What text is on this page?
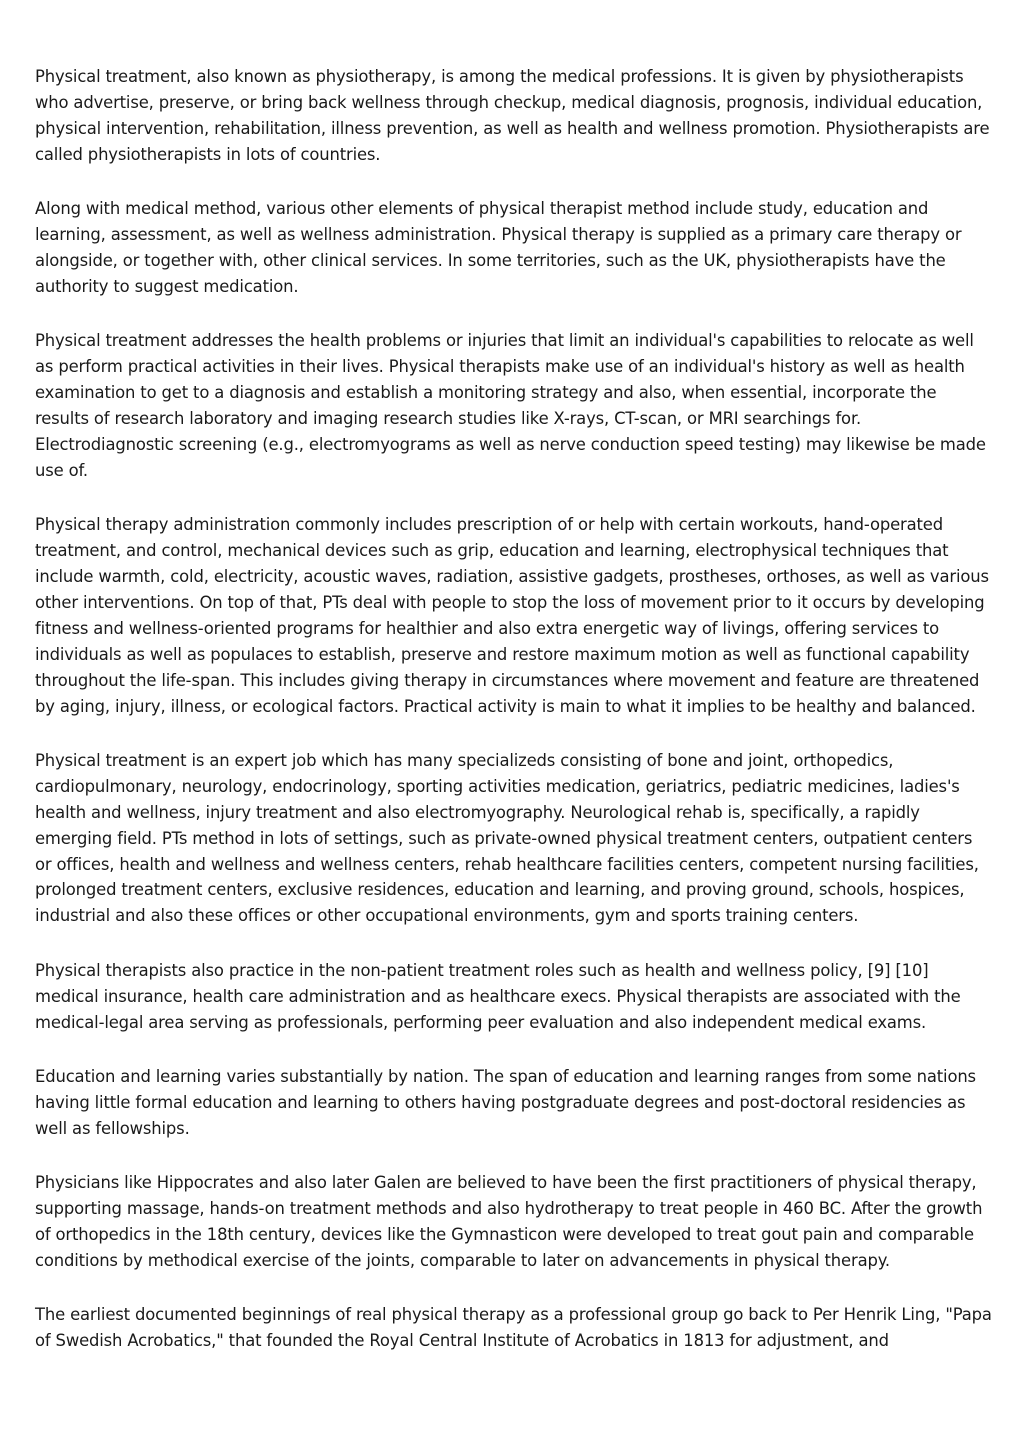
Physical treatment, also known as physiotherapy, is among the medical professions. It is given by physiotherapists who advertise, preserve, or bring back wellness through checkup, medical diagnosis, prognosis, individual education, physical intervention, rehabilitation, illness prevention, as well as health and wellness promotion. Physiotherapists are called physiotherapists in lots of countries.

Along with medical method, various other elements of physical therapist method include study, education and learning, assessment, as well as wellness administration. Physical therapy is supplied as a primary care therapy or alongside, or together with, other clinical services. In some territories, such as the UK, physiotherapists have the authority to suggest medication.

Physical treatment addresses the health problems or injuries that limit an individual's capabilities to relocate as well as perform practical activities in their lives. Physical therapists make use of an individual's history as well as health examination to get to a diagnosis and establish a monitoring strategy and also, when essential, incorporate the results of research laboratory and imaging research studies like X-rays, CT-scan, or MRI searchings for. Electrodiagnostic screening (e.g., electromyograms as well as nerve conduction speed testing) may likewise be made use of.

Physical therapy administration commonly includes prescription of or help with certain workouts, hand-operated treatment, and control, mechanical devices such as grip, education and learning, electrophysical techniques that include warmth, cold, electricity, acoustic waves, radiation, assistive gadgets, prostheses, orthoses, as well as various other interventions. On top of that, PTs deal with people to stop the loss of movement prior to it occurs by developing fitness and wellness-oriented programs for healthier and also extra energetic way of livings, offering services to individuals as well as populaces to establish, preserve and restore maximum motion as well as functional capability throughout the life-span. This includes giving therapy in circumstances where movement and feature are threatened by aging, injury, illness, or ecological factors. Practical activity is main to what it implies to be healthy and balanced.

Physical treatment is an expert job which has many specializeds consisting of bone and joint, orthopedics, cardiopulmonary, neurology, endocrinology, sporting activities medication, geriatrics, pediatric medicines, ladies's health and wellness, injury treatment and also electromyography. Neurological rehab is, specifically, a rapidly emerging field. PTs method in lots of settings, such as private-owned physical treatment centers, outpatient centers or offices, health and wellness and wellness centers, rehab healthcare facilities centers, competent nursing facilities, prolonged treatment centers, exclusive residences, education and learning, and proving ground, schools, hospices, industrial and also these offices or other occupational environments, gym and sports training centers.

Physical therapists also practice in the non-patient treatment roles such as health and wellness policy, [9] [10] medical insurance, health care administration and as healthcare execs. Physical therapists are associated with the medical-legal area serving as professionals, performing peer evaluation and also independent medical exams.

Education and learning varies substantially by nation. The span of education and learning ranges from some nations having little formal education and learning to others having postgraduate degrees and post-doctoral residencies as well as fellowships.

Physicians like Hippocrates and also later Galen are believed to have been the first practitioners of physical therapy, supporting massage, hands-on treatment methods and also hydrotherapy to treat people in 460 BC. After the growth of orthopedics in the 18th century, devices like the Gymnasticon were developed to treat gout pain and comparable conditions by methodical exercise of the joints, comparable to later on advancements in physical therapy.

The earliest documented beginnings of real physical therapy as a professional group go back to Per Henrik Ling, "Papa of Swedish Acrobatics," that founded the Royal Central Institute of Acrobatics in 1813 for adjustment, and
